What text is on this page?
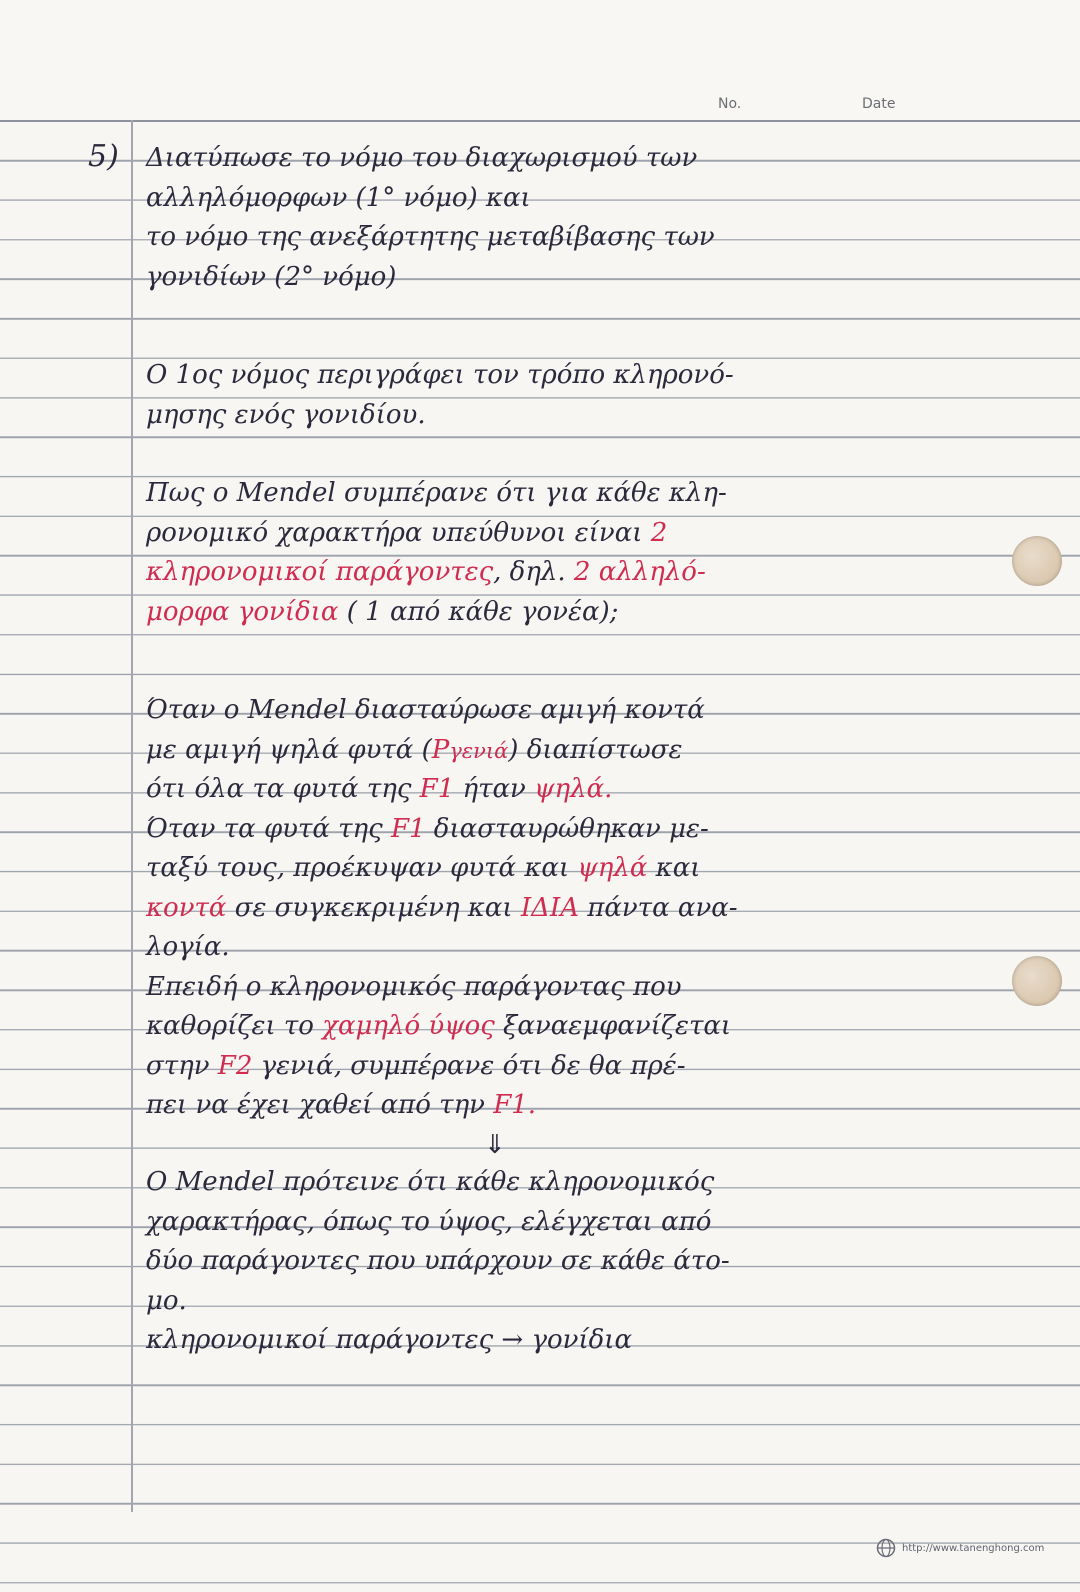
No.	Date
5) Διατύπωσε το νόμο του διαχωρισμού των
αλληλόμορφων (1° νόμο) και
το νόμο της ανεξάρτητης μεταβίβασης των
γονιδίων (2° νόμο)
Ο 1ος νόμος περιγράφει τον τρόπο κληρονό-
μησης ενός γονιδίου.
Πως ο Mendel συμπέρανε ότι για κάθε κλη-
ρονομικό χαρακτήρα υπεύθυνοι είναι 2
κληρονομικοί παράγοντες, δηλ. 2 αλληλό-
μορφα γονίδια ( 1 από κάθε γονέα);
Όταν ο Mendel διασταύρωσε αμιγή κοντά
με αμιγή ψηλά φυτά (Pγενιά) διαπίστωσε
ότι όλα τα φυτά της F1 ήταν ψηλά.
Όταν τα φυτά της F1 διασταυρώθηκαν με-
ταξύ τους, προέκυψαν φυτά και ψηλά και
κοντά σε συγκεκριμένη και ΙΔΙΑ πάντα ανα-
λογία.
Επειδή ο κληρονομικός παράγοντας που
καθορίζει το χαμηλό ύψος ξαναεμφανίζεται
στην F2 γενιά, συμπέρανε ότι δε θα πρέ-
πει να έχει χαθεί από την F1.
⇓
Ο Mendel πρότεινε ότι κάθε κληρονομικός
χαρακτήρας, όπως το ύψος, ελέγχεται από
δύο παράγοντες που υπάρχουν σε κάθε άτο-
μο.
κληρονομικοί παράγοντες → γονίδια
http://www.tanenghong.com
